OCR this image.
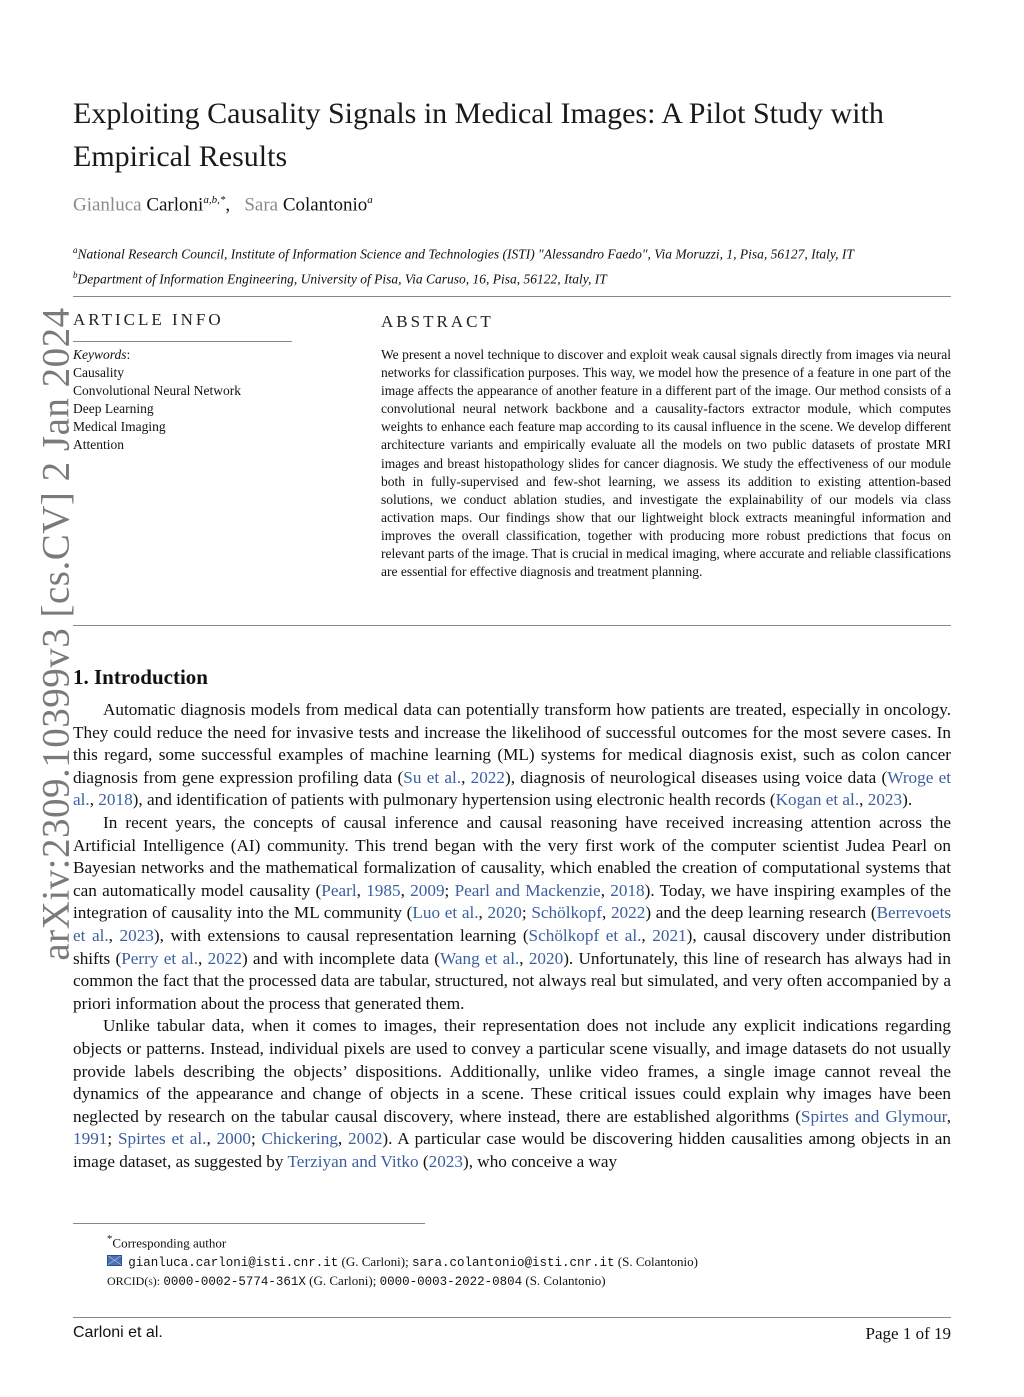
arXiv:2309.10399v3 [cs.CV] 2 Jan 2024
Exploiting Causality Signals in Medical Images: A Pilot Study with Empirical Results
Gianluca Carloni$^{a,b,*}$,   Sara Colantonio$^a$
$^a$National Research Council, Institute of Information Science and Technologies (ISTI) "Alessandro Faedo", Via Moruzzi, 1, Pisa, 56127, Italy, IT
$^b$Department of Information Engineering, University of Pisa, Via Caruso, 16, Pisa, 56122, Italy, IT
ARTICLE INFO	ABSTRACT
Keywords:
Causality
Convolutional Neural Network
Deep Learning
Medical Imaging
Attention
We present a novel technique to discover and exploit weak causal signals directly from images via neural networks for classification purposes. This way, we model how the presence of a feature in one part of the image affects the appearance of another feature in a different part of the image. Our method consists of a convolutional neural network backbone and a causality-factors extractor module, which computes weights to enhance each feature map according to its causal influence in the scene. We develop different architecture variants and empirically evaluate all the models on two public datasets of prostate MRI images and breast histopathology slides for cancer diagnosis. We study the effectiveness of our module both in fully-supervised and few-shot learning, we assess its addition to existing attention-based solutions, we conduct ablation studies, and investigate the explainability of our models via class activation maps. Our findings show that our lightweight block extracts meaningful information and improves the overall classification, together with producing more robust predictions that focus on relevant parts of the image. That is crucial in medical imaging, where accurate and reliable classifications are essential for effective diagnosis and treatment planning.
1. Introduction

Automatic diagnosis models from medical data can potentially transform how patients are treated, especially in oncology. They could reduce the need for invasive tests and increase the likelihood of successful outcomes for the most severe cases. In this regard, some successful examples of machine learning (ML) systems for medical diagnosis exist, such as colon cancer diagnosis from gene expression profiling data (Su et al., 2022), diagnosis of neurological diseases using voice data (Wroge et al., 2018), and identification of patients with pulmonary hypertension using electronic health records (Kogan et al., 2023).

In recent years, the concepts of causal inference and causal reasoning have received increasing attention across the Artificial Intelligence (AI) community. This trend began with the very first work of the computer scientist Judea Pearl on Bayesian networks and the mathematical formalization of causality, which enabled the creation of computational systems that can automatically model causality (Pearl, 1985, 2009; Pearl and Mackenzie, 2018). Today, we have inspiring examples of the integration of causality into the ML community (Luo et al., 2020; Schölkopf, 2022) and the deep learning research (Berrevoets et al., 2023), with extensions to causal representation learning (Schölkopf et al., 2021), causal discovery under distribution shifts (Perry et al., 2022) and with incomplete data (Wang et al., 2020). Unfortunately, this line of research has always had in common the fact that the processed data are tabular, structured, not always real but simulated, and very often accompanied by a priori information about the process that generated them.

Unlike tabular data, when it comes to images, their representation does not include any explicit indications regarding objects or patterns. Instead, individual pixels are used to convey a particular scene visually, and image datasets do not usually provide labels describing the objects’ dispositions. Additionally, unlike video frames, a single image cannot reveal the dynamics of the appearance and change of objects in a scene. These critical issues could explain why images have been neglected by research on the tabular causal discovery, where instead, there are established algorithms (Spirtes and Glymour, 1991; Spirtes et al., 2000; Chickering, 2002). A particular case would be discovering hidden causalities among objects in an image dataset, as suggested by Terziyan and Vitko (2023), who conceive a way

*Corresponding author
gianluca.carloni@isti.cnr.it (G. Carloni); sara.colantonio@isti.cnr.it (S. Colantonio)
ORCID(s): 0000-0002-5774-361X (G. Carloni); 0000-0003-2022-0804 (S. Colantonio)
Carloni et al.	Page 1 of 19
